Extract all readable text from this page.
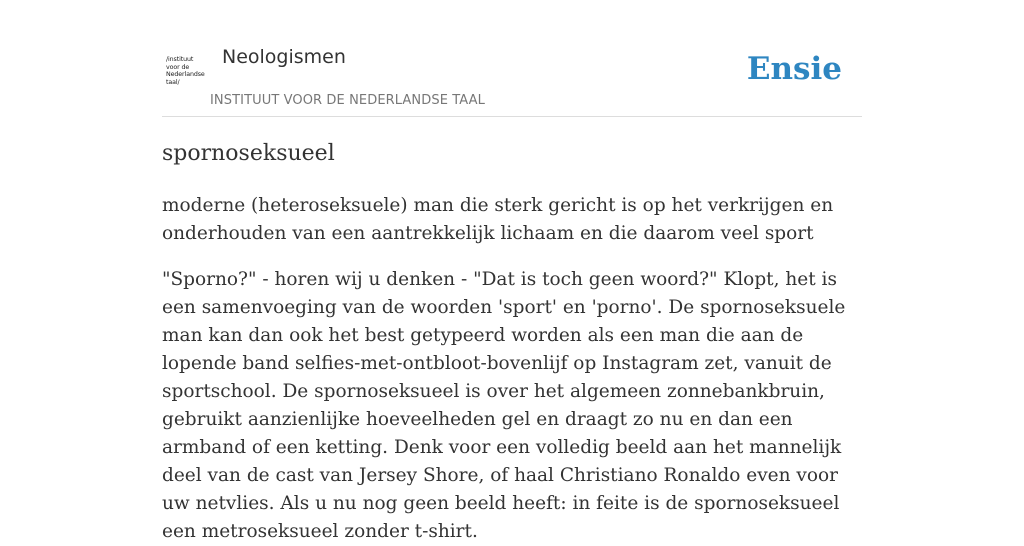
/instituut
voor de
Nederlandse
taal/
Neologismen
INSTITUUT VOOR DE NEDERLANDSE TAAL
Ensie
spornoseksueel

moderne (heteroseksuele) man die sterk gericht is op het verkrijgen en onderhouden van een aantrekkelijk lichaam en die daarom veel sport

"Sporno?" - horen wij u denken - "Dat is toch geen woord?" Klopt, het is een samenvoeging van de woorden 'sport' en 'porno'. De spornoseksuele man kan dan ook het best getypeerd worden als een man die aan de lopende band selfies-met-ontbloot-bovenlijf op Instagram zet, vanuit de sportschool. De spornoseksueel is over het algemeen zonnebankbruin, gebruikt aanzienlijke hoeveelheden gel en draagt zo nu en dan een armband of een ketting. Denk voor een volledig beeld aan het mannelijk deel van de cast van Jersey Shore, of haal Christiano Ronaldo even voor uw netvlies. Als u nu nog geen beeld heeft: in feite is de spornoseksueel een metroseksueel zonder t-shirt.
